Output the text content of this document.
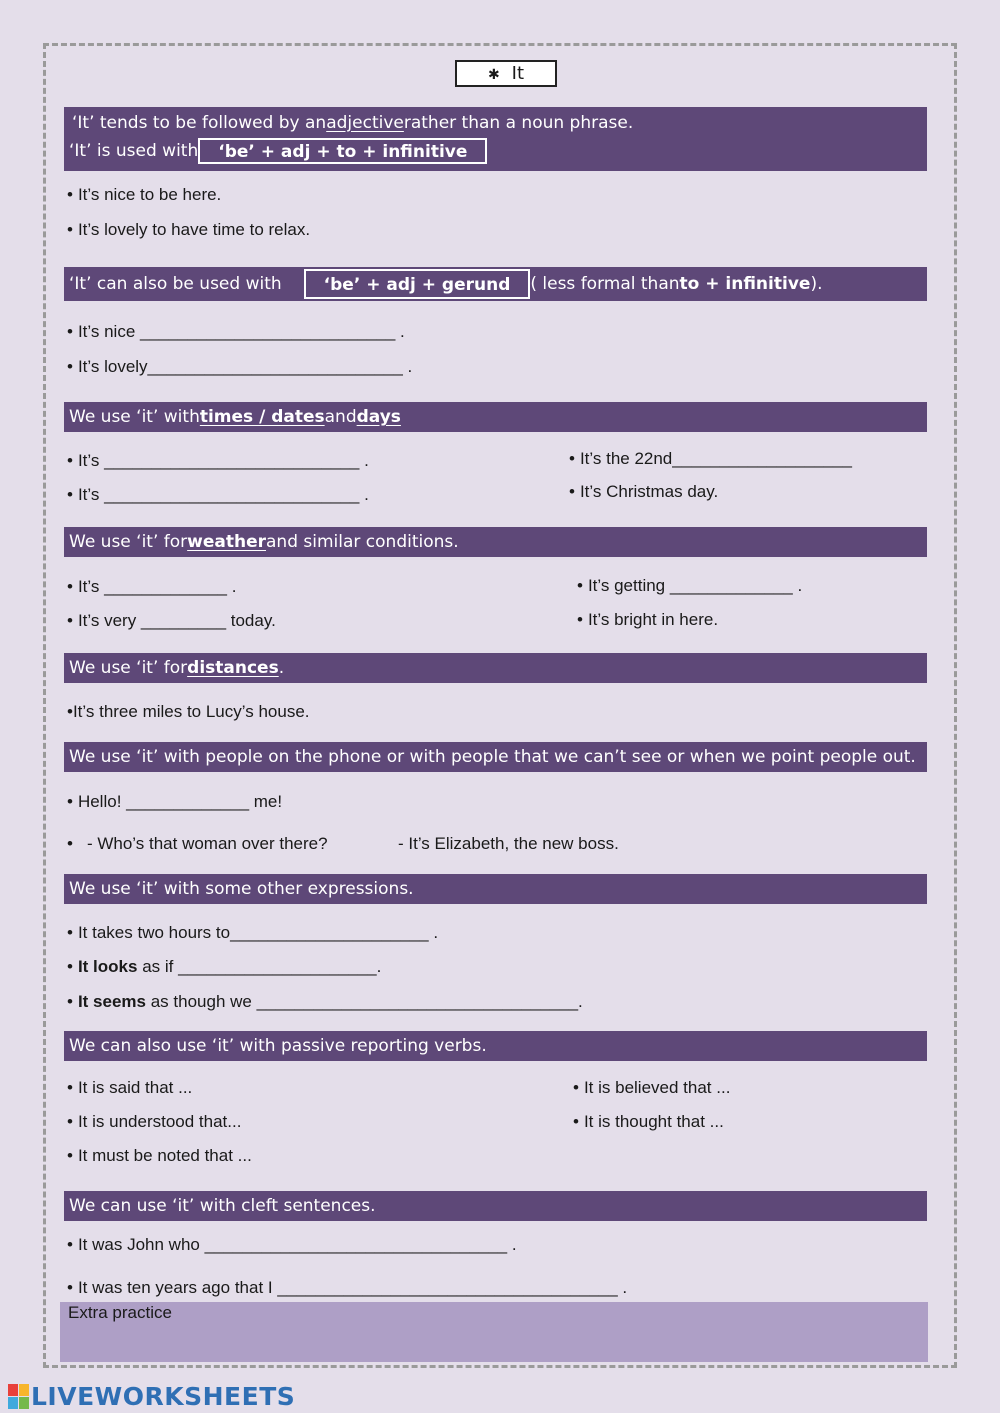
✱ It
‘It’ tends to be followed by an adjective rather than a noun phrase.
‘It’ is used with	‘be’ + adj + to + infinitive
• It’s nice to be here.
• It’s lovely to have time to relax.
‘It’ can also be used with	‘be’ + adj + gerund	( less formal than to + infinitive ).
• It’s nice ___________________________ .
• It’s lovely___________________________ .
We use ‘it’ with times / dates and days
• It’s ___________________________ .
• It’s ___________________________ .
• It’s the 22nd___________________
• It’s Christmas day.
We use ‘it’ for weather and similar conditions.
• It’s _____________ .
• It’s very _________ today.
• It’s getting _____________ .
• It’s bright in here.
We use ‘it’ for distances .
•It’s three miles to Lucy’s house.
We use ‘it’ with people on the phone or with people that we can’t see or when we point people out.
• Hello! _____________ me!
• - Who’s that woman over there?	- It’s Elizabeth, the new boss.
We use ‘it’ with some other expressions.
• It takes two hours to_____________________ .
• It looks as if _____________________.
• It seems as though we __________________________________.
We can also use ‘it’ with passive reporting verbs.
• It is said that ...
• It is understood that...
• It must be noted that ...
• It is believed that ...
• It is thought that ...
We can use ‘it’ with cleft sentences.
• It was John who ________________________________ .
• It was ten years ago that I ____________________________________ .
Extra practice
LIVEWORKSHEETS
